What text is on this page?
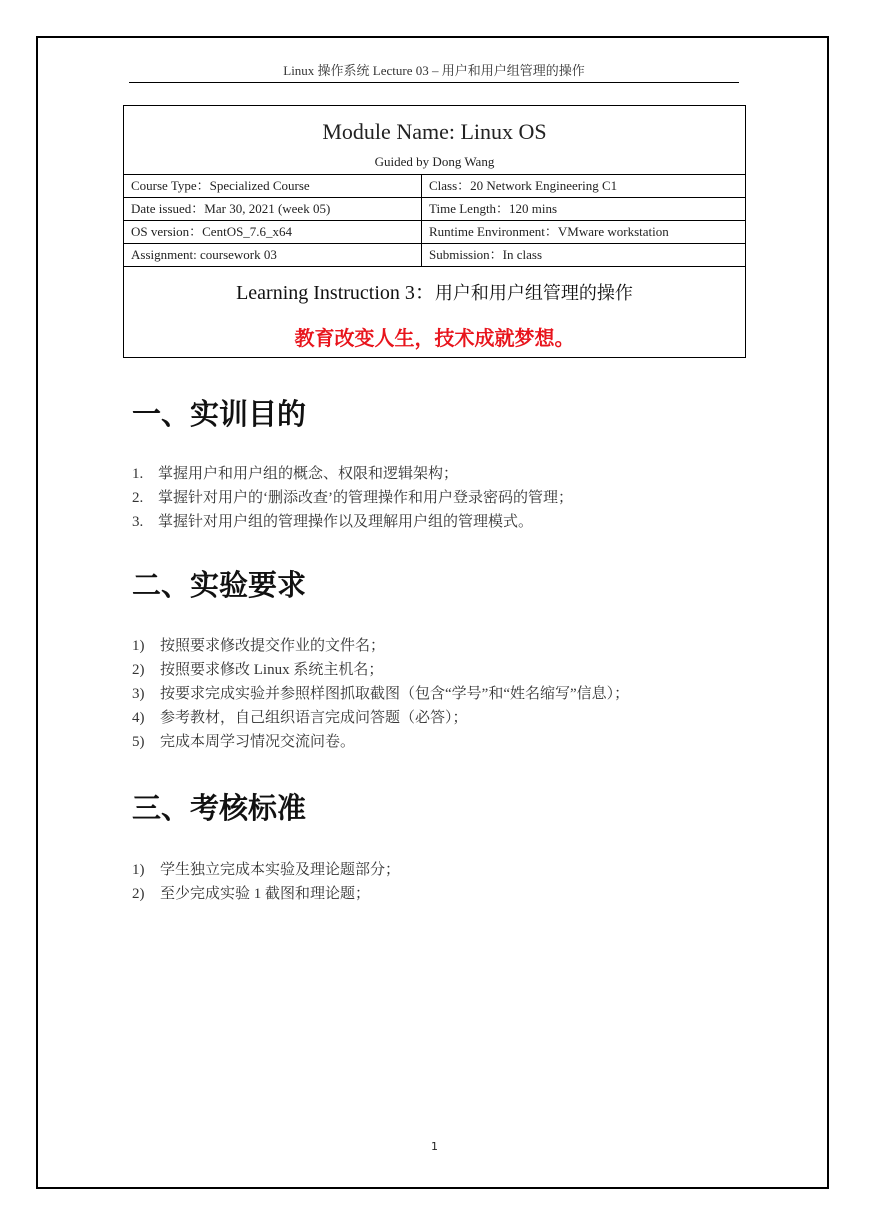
Linux 操作系统 Lecture 03 – 用户和用户组管理的操作
Module Name: Linux OS
Guided by Dong Wang	

Course Type：Specialized Course	Class：20 Network Engineering C1
Date issued：Mar 30, 2021 (week 05)	Time Length：120 mins
OS version：CentOS_7.6_x64	Runtime Environment：VMware workstation
Assignment: coursework 03	Submission：In class

Learning Instruction 3：用户和用户组管理的操作
教育改变人生，技术成就梦想。	
一、实训目的
1. 掌握用户和用户组的概念、权限和逻辑架构；
2. 掌握针对用户的‘删添改查’的管理操作和用户登录密码的管理；
3. 掌握针对用户组的管理操作以及理解用户组的管理模式。
二、实验要求
1) 按照要求修改提交作业的文件名；
2) 按照要求修改 Linux 系统主机名；
3) 按要求完成实验并参照样图抓取截图（包含“学号”和“姓名缩写”信息）；
4) 参考教材，自己组织语言完成问答题（必答）；
5) 完成本周学习情况交流问卷。
三、考核标准
1) 学生独立完成本实验及理论题部分；
2) 至少完成实验 1 截图和理论题；
1
